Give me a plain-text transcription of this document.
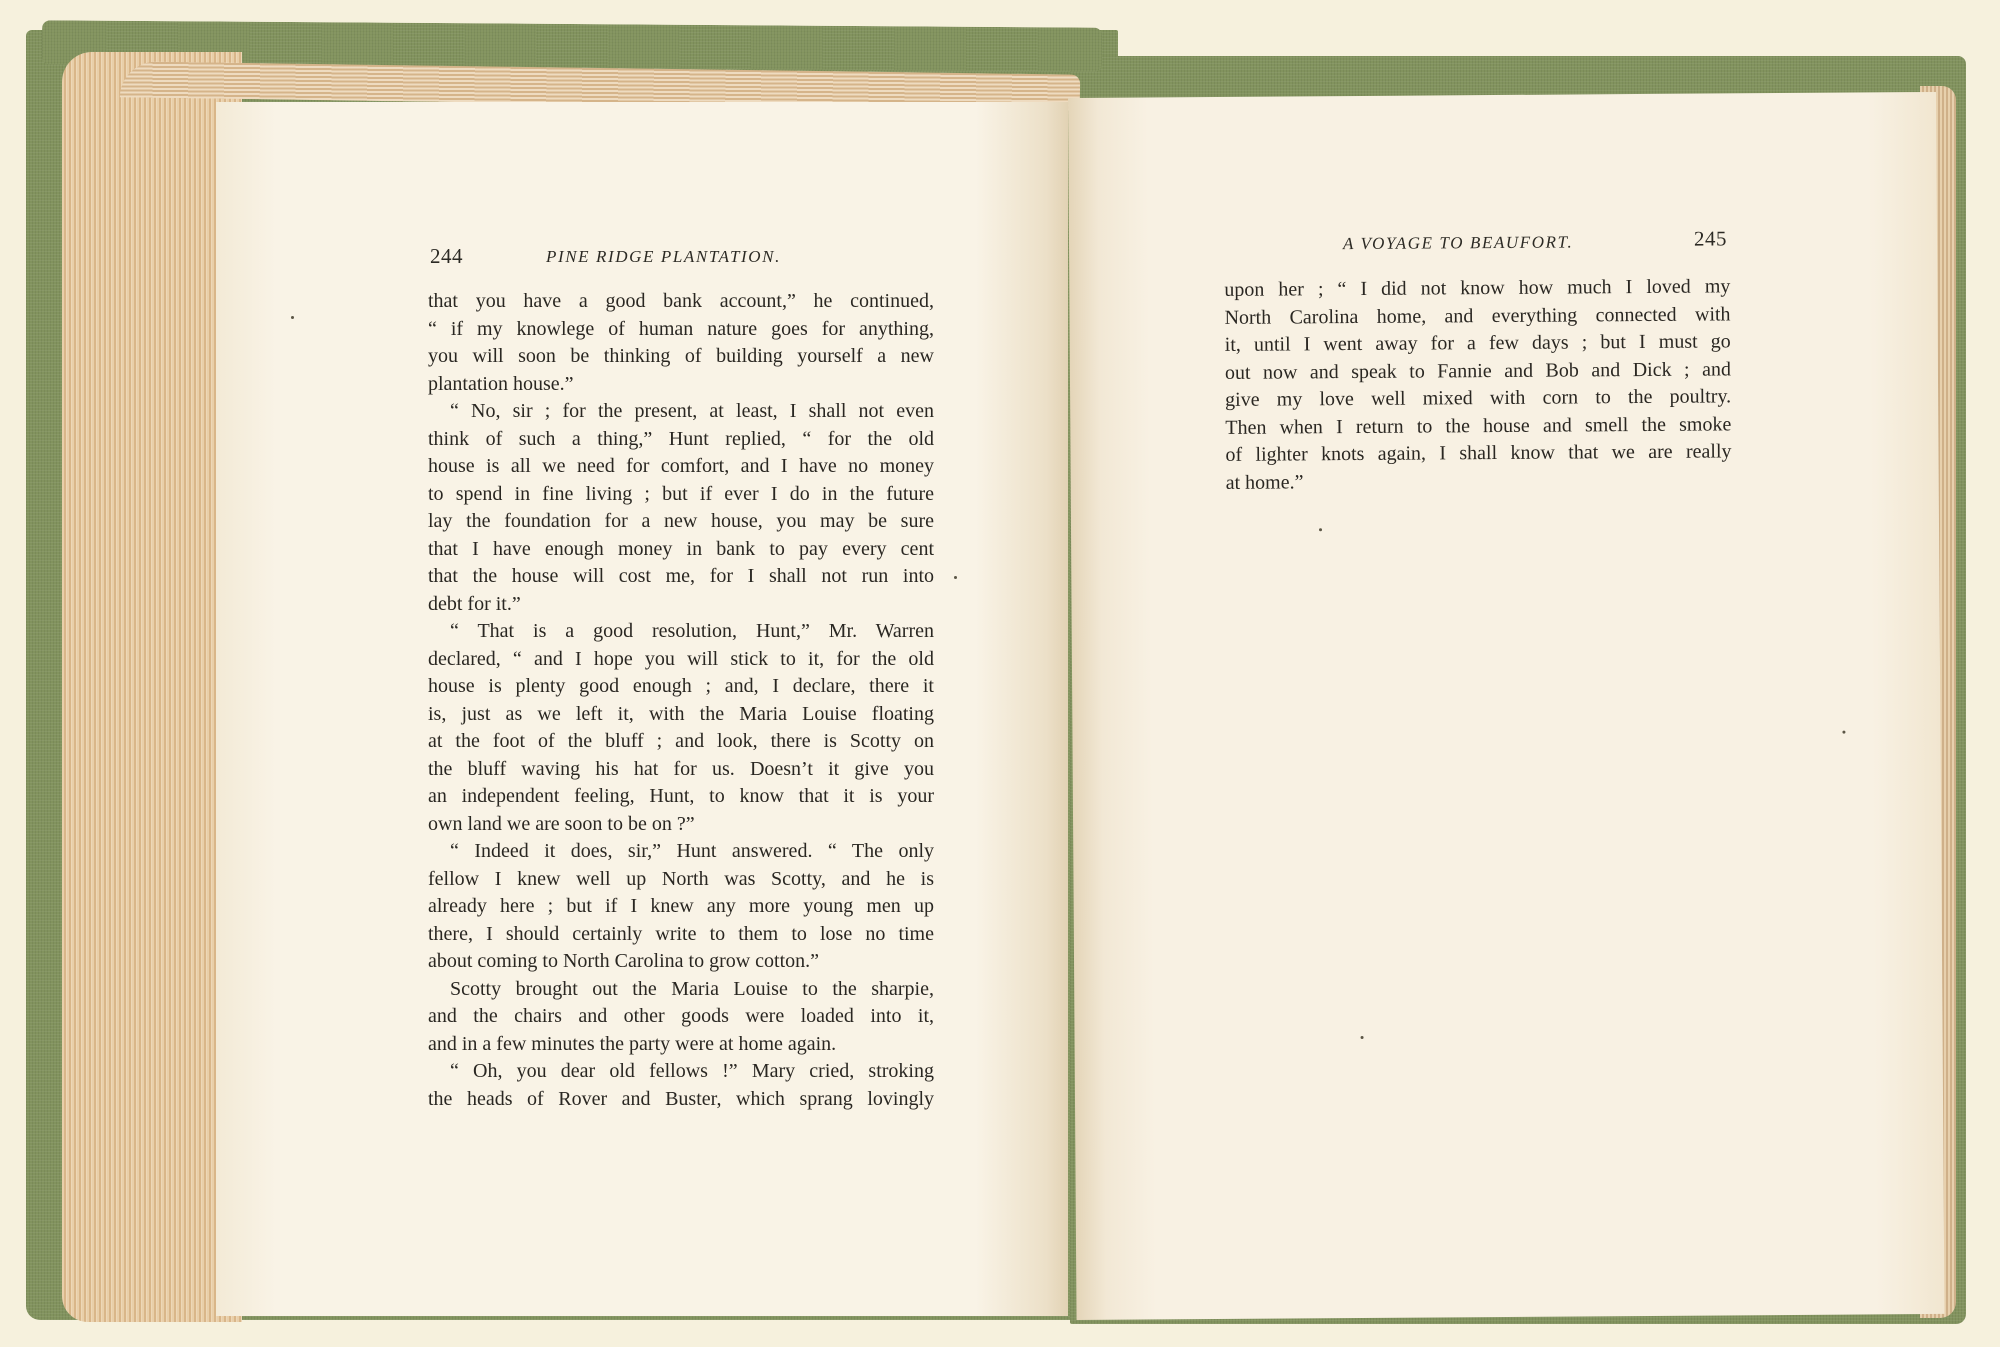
244	PINE RIDGE PLANTATION.
that you have a good bank account,” he continued,
“ if my knowlege of human nature goes for anything,
you will soon be thinking of building yourself a new
plantation house.”
“ No, sir ; for the present, at least, I shall not even
think of such a thing,” Hunt replied, “ for the old
house is all we need for comfort, and I have no money
to spend in fine living ; but if ever I do in the future
lay the foundation for a new house, you may be sure
that I have enough money in bank to pay every cent
that the house will cost me, for I shall not run into
debt for it.”
“ That is a good resolution, Hunt,” Mr. Warren
declared, “ and I hope you will stick to it, for the old
house is plenty good enough ; and, I declare, there it
is, just as we left it, with the Maria Louise floating
at the foot of the bluff ; and look, there is Scotty on
the bluff waving his hat for us. Doesn’t it give you
an independent feeling, Hunt, to know that it is your
own land we are soon to be on ?”
“ Indeed it does, sir,” Hunt answered. “ The only
fellow I knew well up North was Scotty, and he is
already here ; but if I knew any more young men up
there, I should certainly write to them to lose no time
about coming to North Carolina to grow cotton.”
Scotty brought out the Maria Louise to the sharpie,
and the chairs and other goods were loaded into it,
and in a few minutes the party were at home again.
“ Oh, you dear old fellows !” Mary cried, stroking
the heads of Rover and Buster, which sprang lovingly
A VOYAGE TO BEAUFORT.	245
upon her ; “ I did not know how much I loved my
North Carolina home, and everything connected with
it, until I went away for a few days ; but I must go
out now and speak to Fannie and Bob and Dick ; and
give my love well mixed with corn to the poultry.
Then when I return to the house and smell the smoke
of lighter knots again, I shall know that we are really
at home.”
